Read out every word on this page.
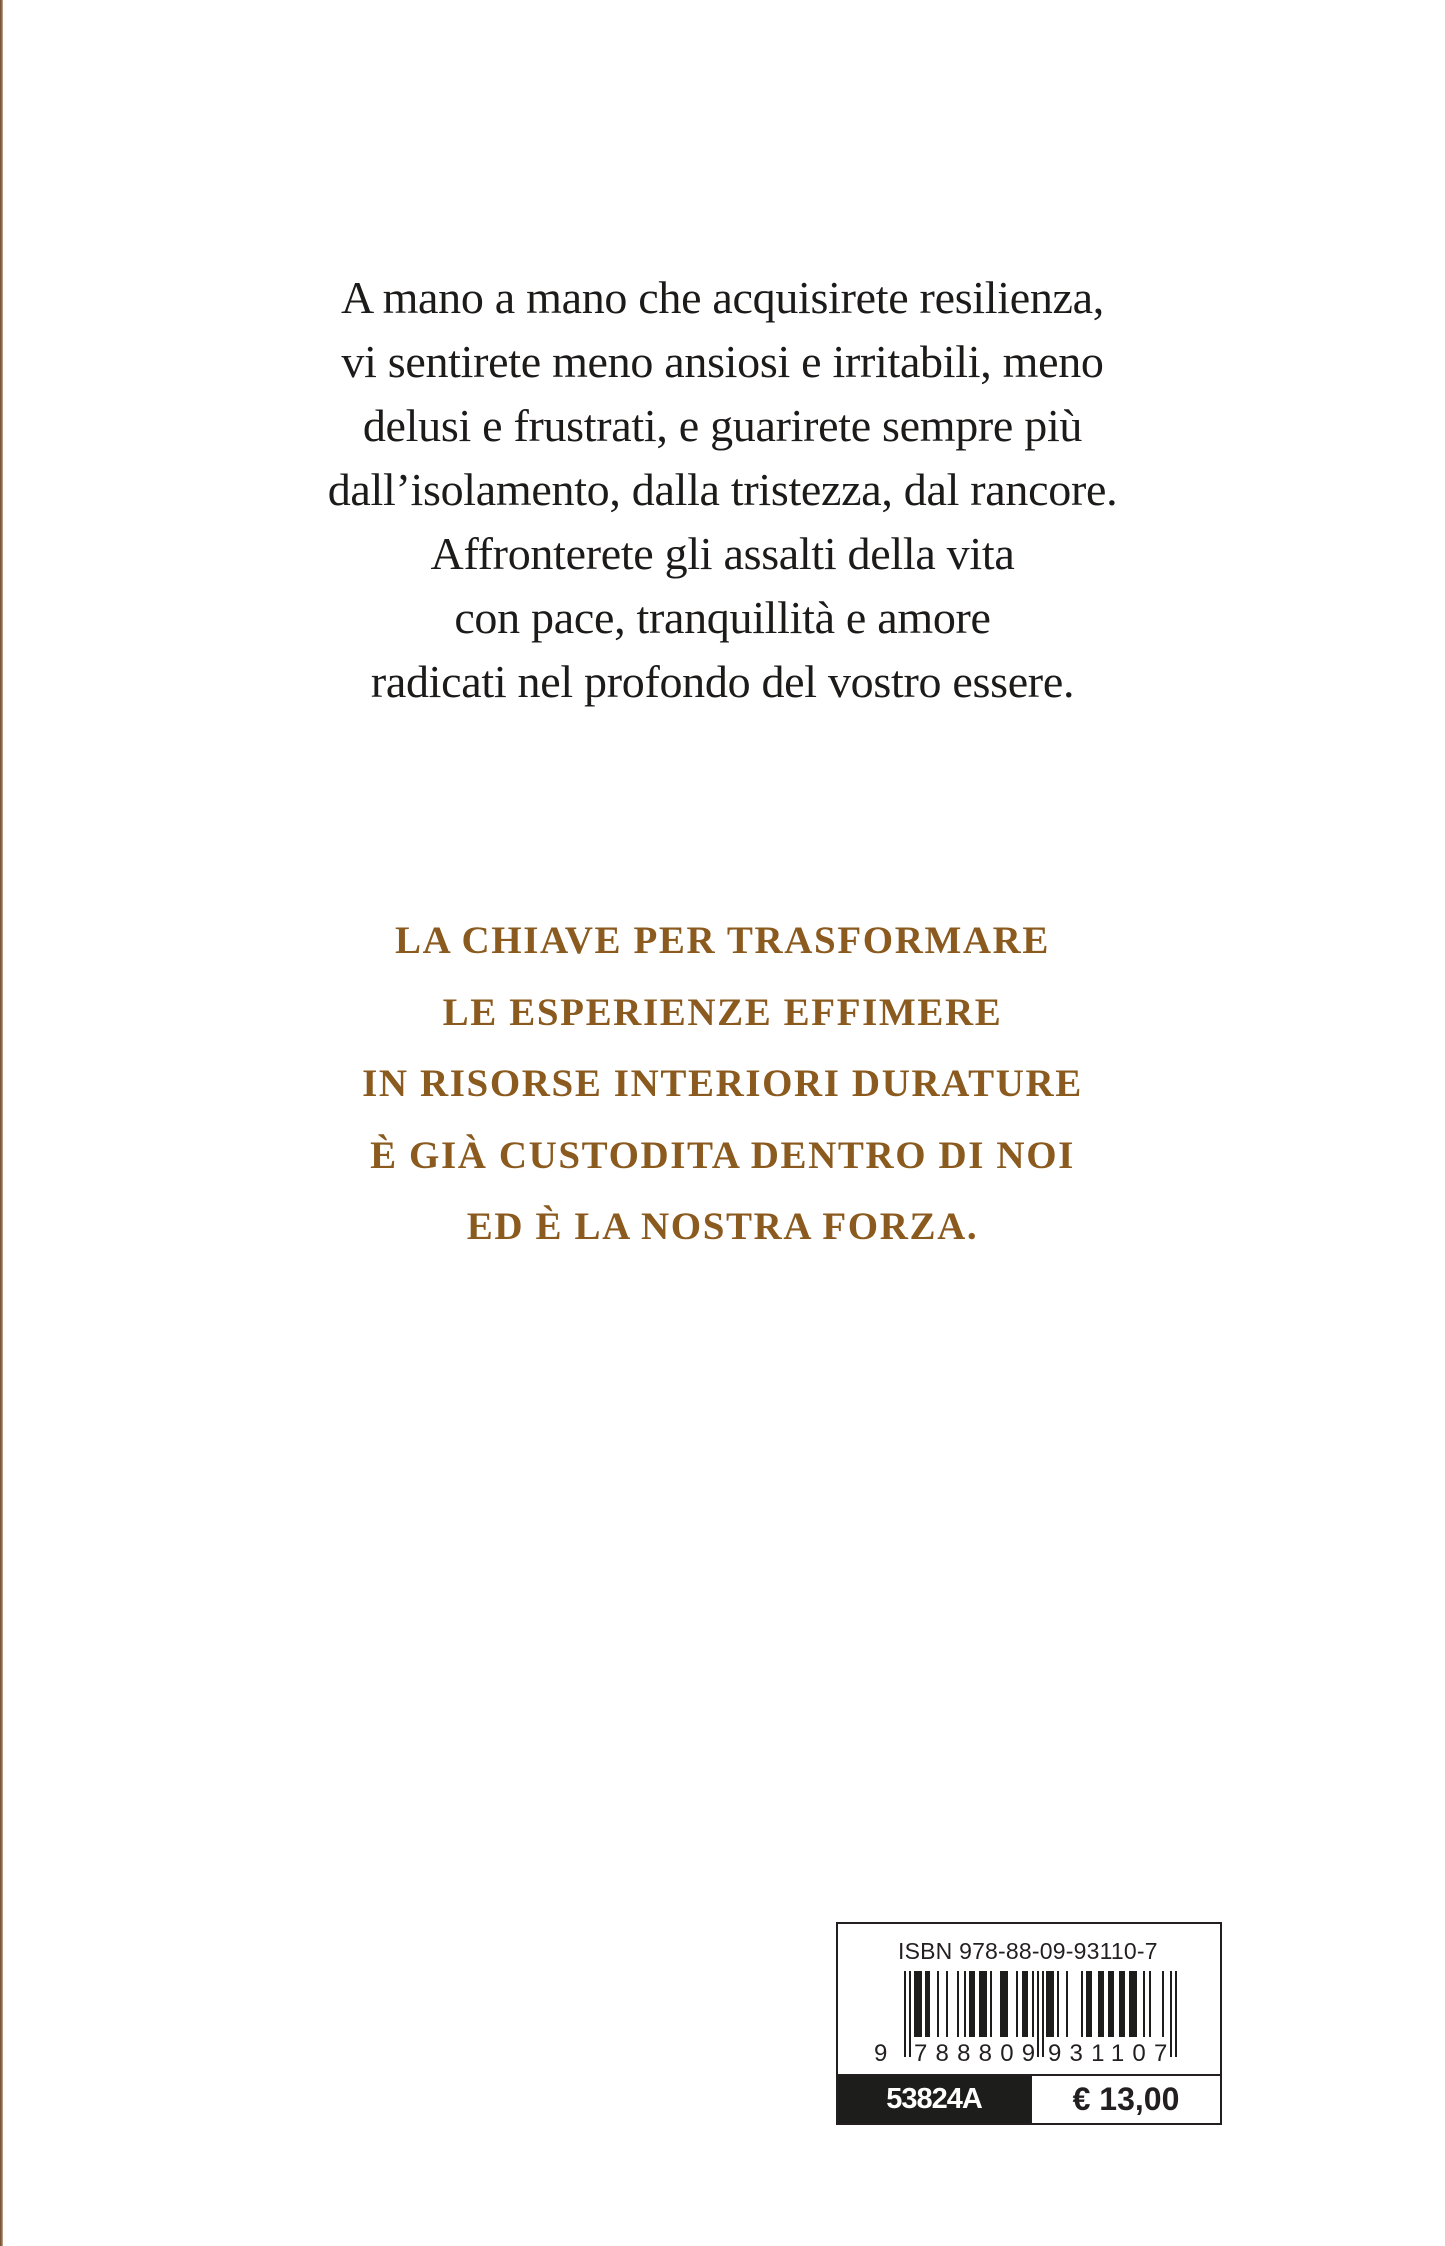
A mano a mano che acquisirete resilienza,
vi sentirete meno ansiosi e irritabili, meno
delusi e frustrati, e guarirete sempre più
dall’isolamento, dalla tristezza, dal rancore.
Affronterete gli assalti della vita
con pace, tranquillità e amore
radicati nel profondo del vostro essere.
LA CHIAVE PER TRASFORMARE
LE ESPERIENZE EFFIMERE
IN RISORSE INTERIORI DURATURE
È GIÀ CUSTODITA DENTRO DI NOI
ED È LA NOSTRA FORZA.
ISBN 978-88-09-93110-7
9 788809 931107
53824A	€ 13,00
